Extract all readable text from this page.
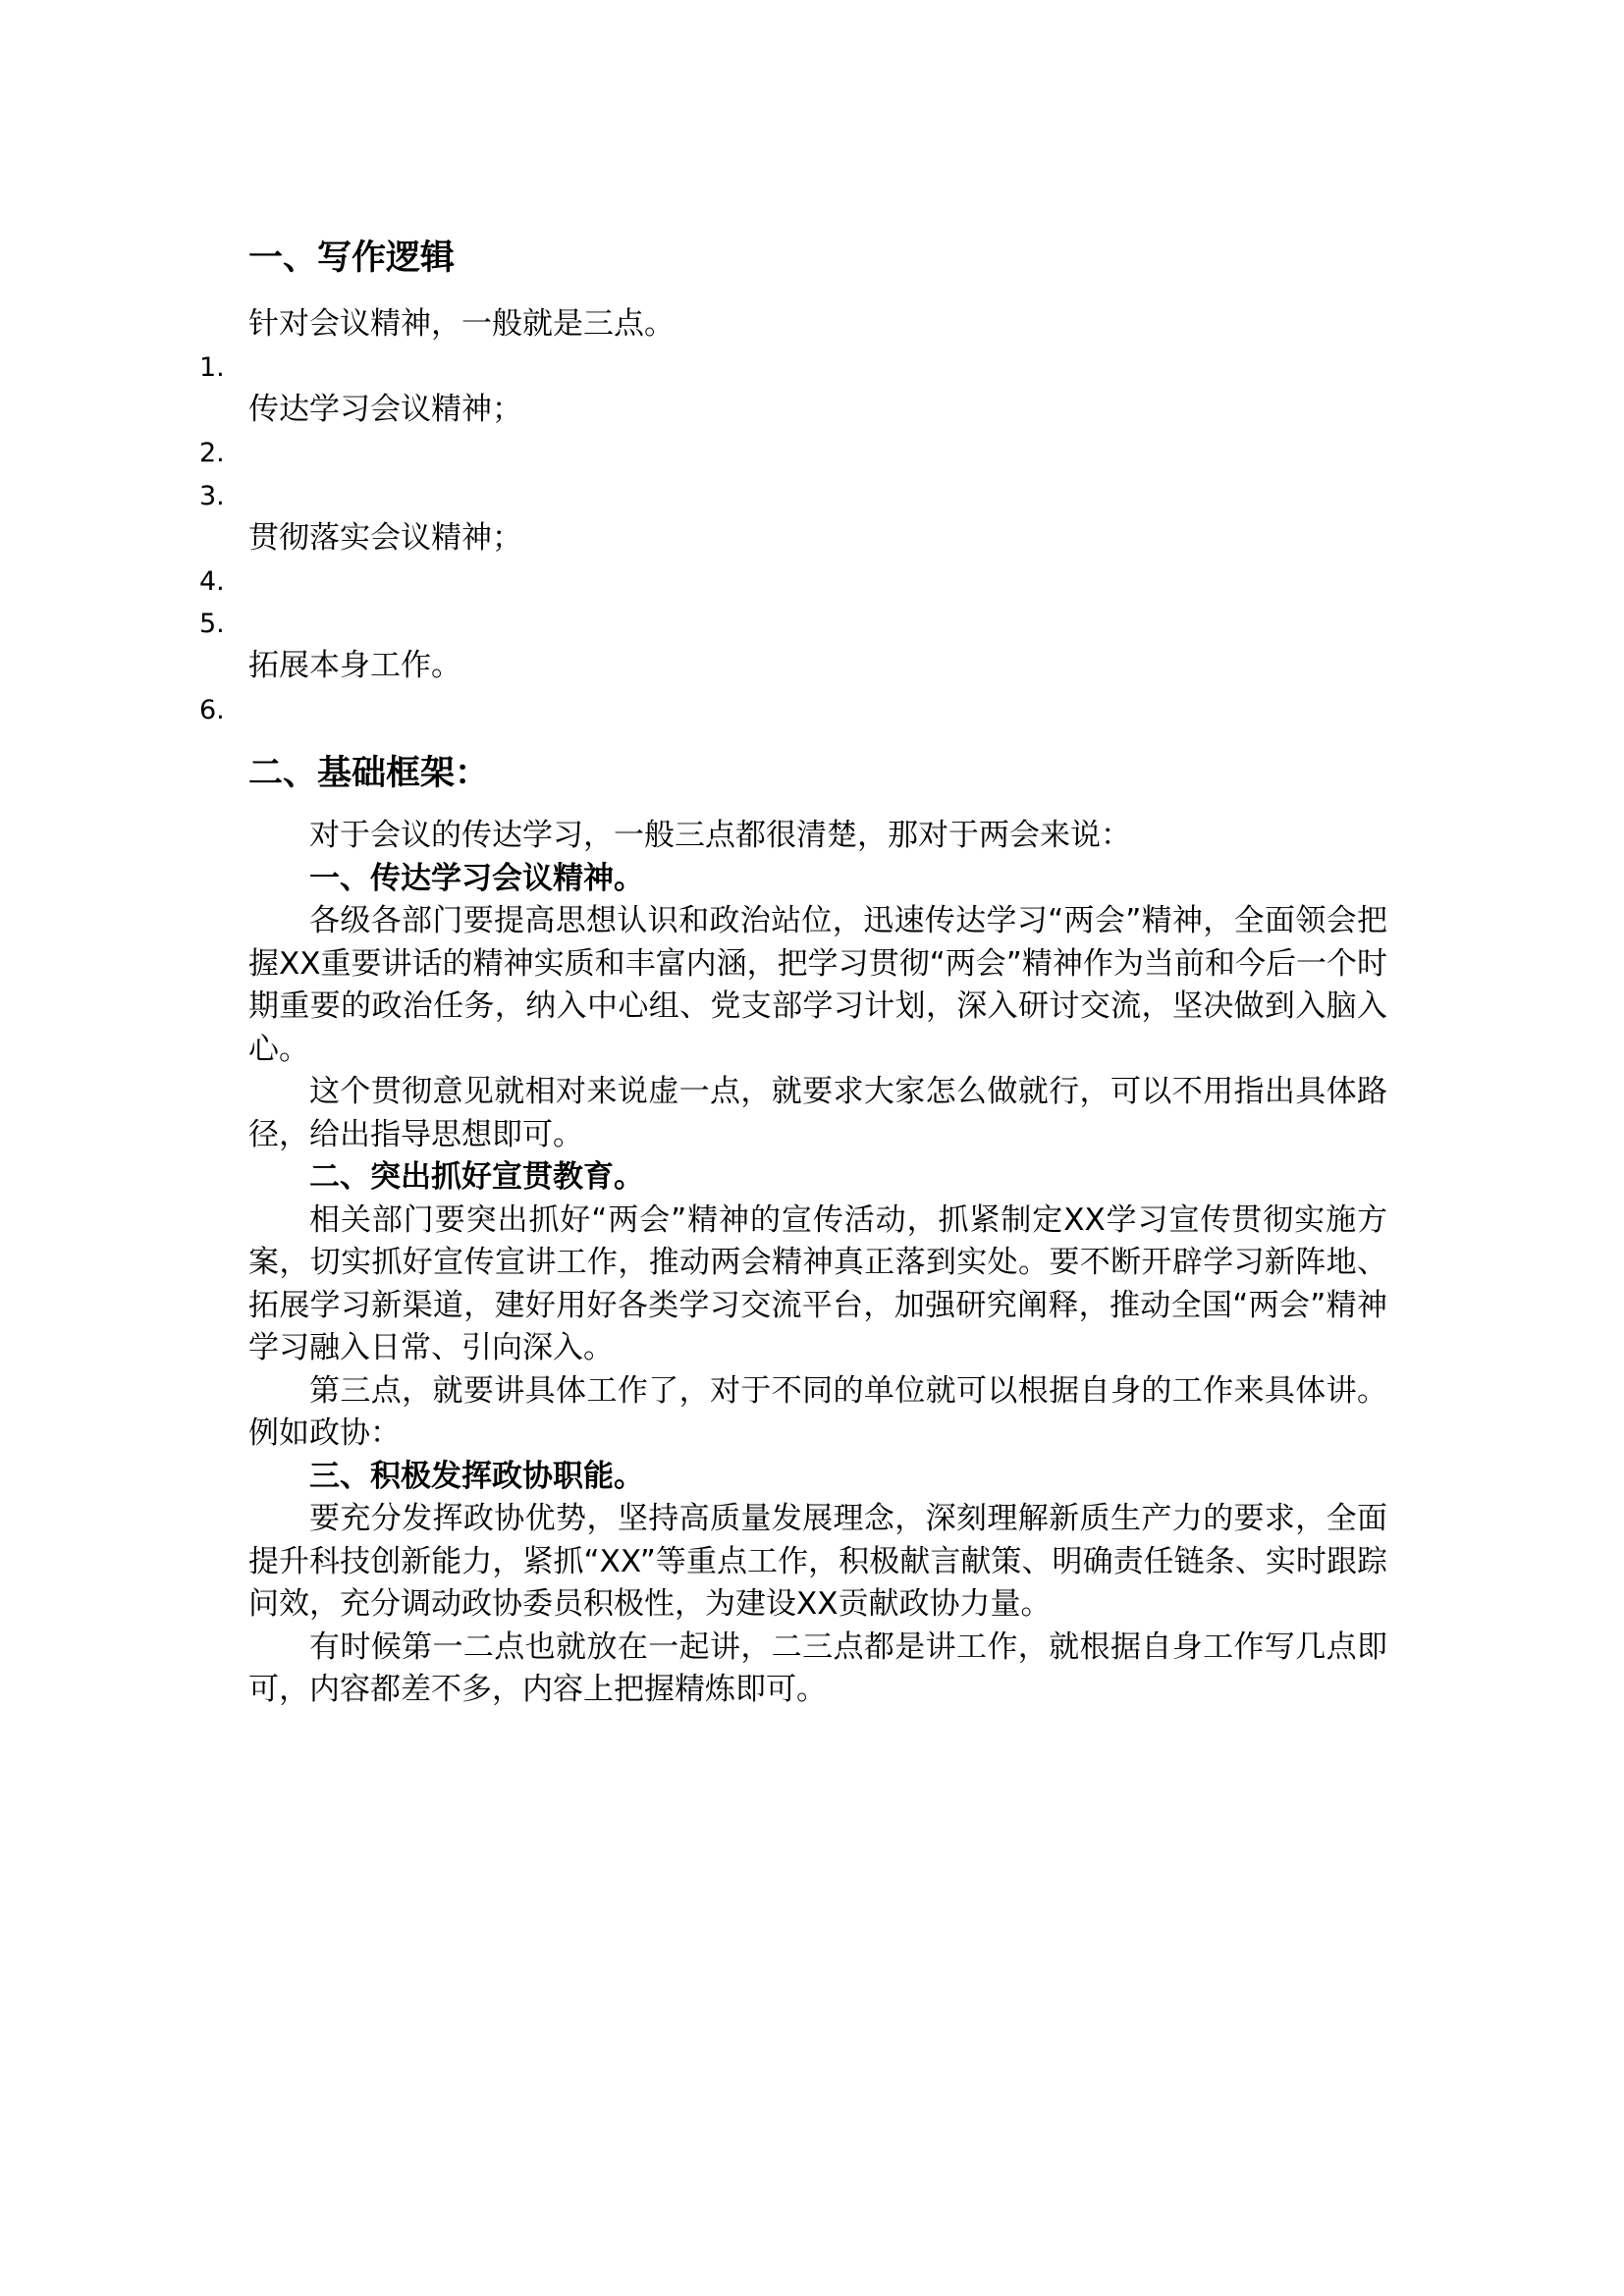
一、写作逻辑
针对会议精神，一般就是三点。
1.
传达学习会议精神；
2.
3.
贯彻落实会议精神；
4.
5.
拓展本身工作。
6.
二、基础框架：

对于会议的传达学习，一般三点都很清楚，那对于两会来说：

一、传达学习会议精神。

各级各部门要提高思想认识和政治站位，迅速传达学习“两会”精神，全面领会把握XX重要讲话的精神实质和丰富内涵，把学习贯彻“两会”精神作为当前和今后一个时期重要的政治任务，纳入中心组、党支部学习计划，深入研讨交流，坚决做到入脑入心。

这个贯彻意见就相对来说虚一点，就要求大家怎么做就行，可以不用指出具体路径，给出指导思想即可。

二、突出抓好宣贯教育。

相关部门要突出抓好“两会”精神的宣传活动，抓紧制定XX学习宣传贯彻实施方案，切实抓好宣传宣讲工作，推动两会精神真正落到实处。要不断开辟学习新阵地、拓展学习新渠道，建好用好各类学习交流平台，加强研究阐释，推动全国“两会”精神学习融入日常、引向深入。

第三点，就要讲具体工作了，对于不同的单位就可以根据自身的工作来具体讲。例如政协：

三、积极发挥政协职能。

要充分发挥政协优势，坚持高质量发展理念，深刻理解新质生产力的要求，全面提升科技创新能力，紧抓“XX”等重点工作，积极献言献策、明确责任链条、实时跟踪问效，充分调动政协委员积极性，为建设XX贡献政协力量。

有时候第一二点也就放在一起讲，二三点都是讲工作，就根据自身工作写几点即可，内容都差不多，内容上把握精炼即可。
